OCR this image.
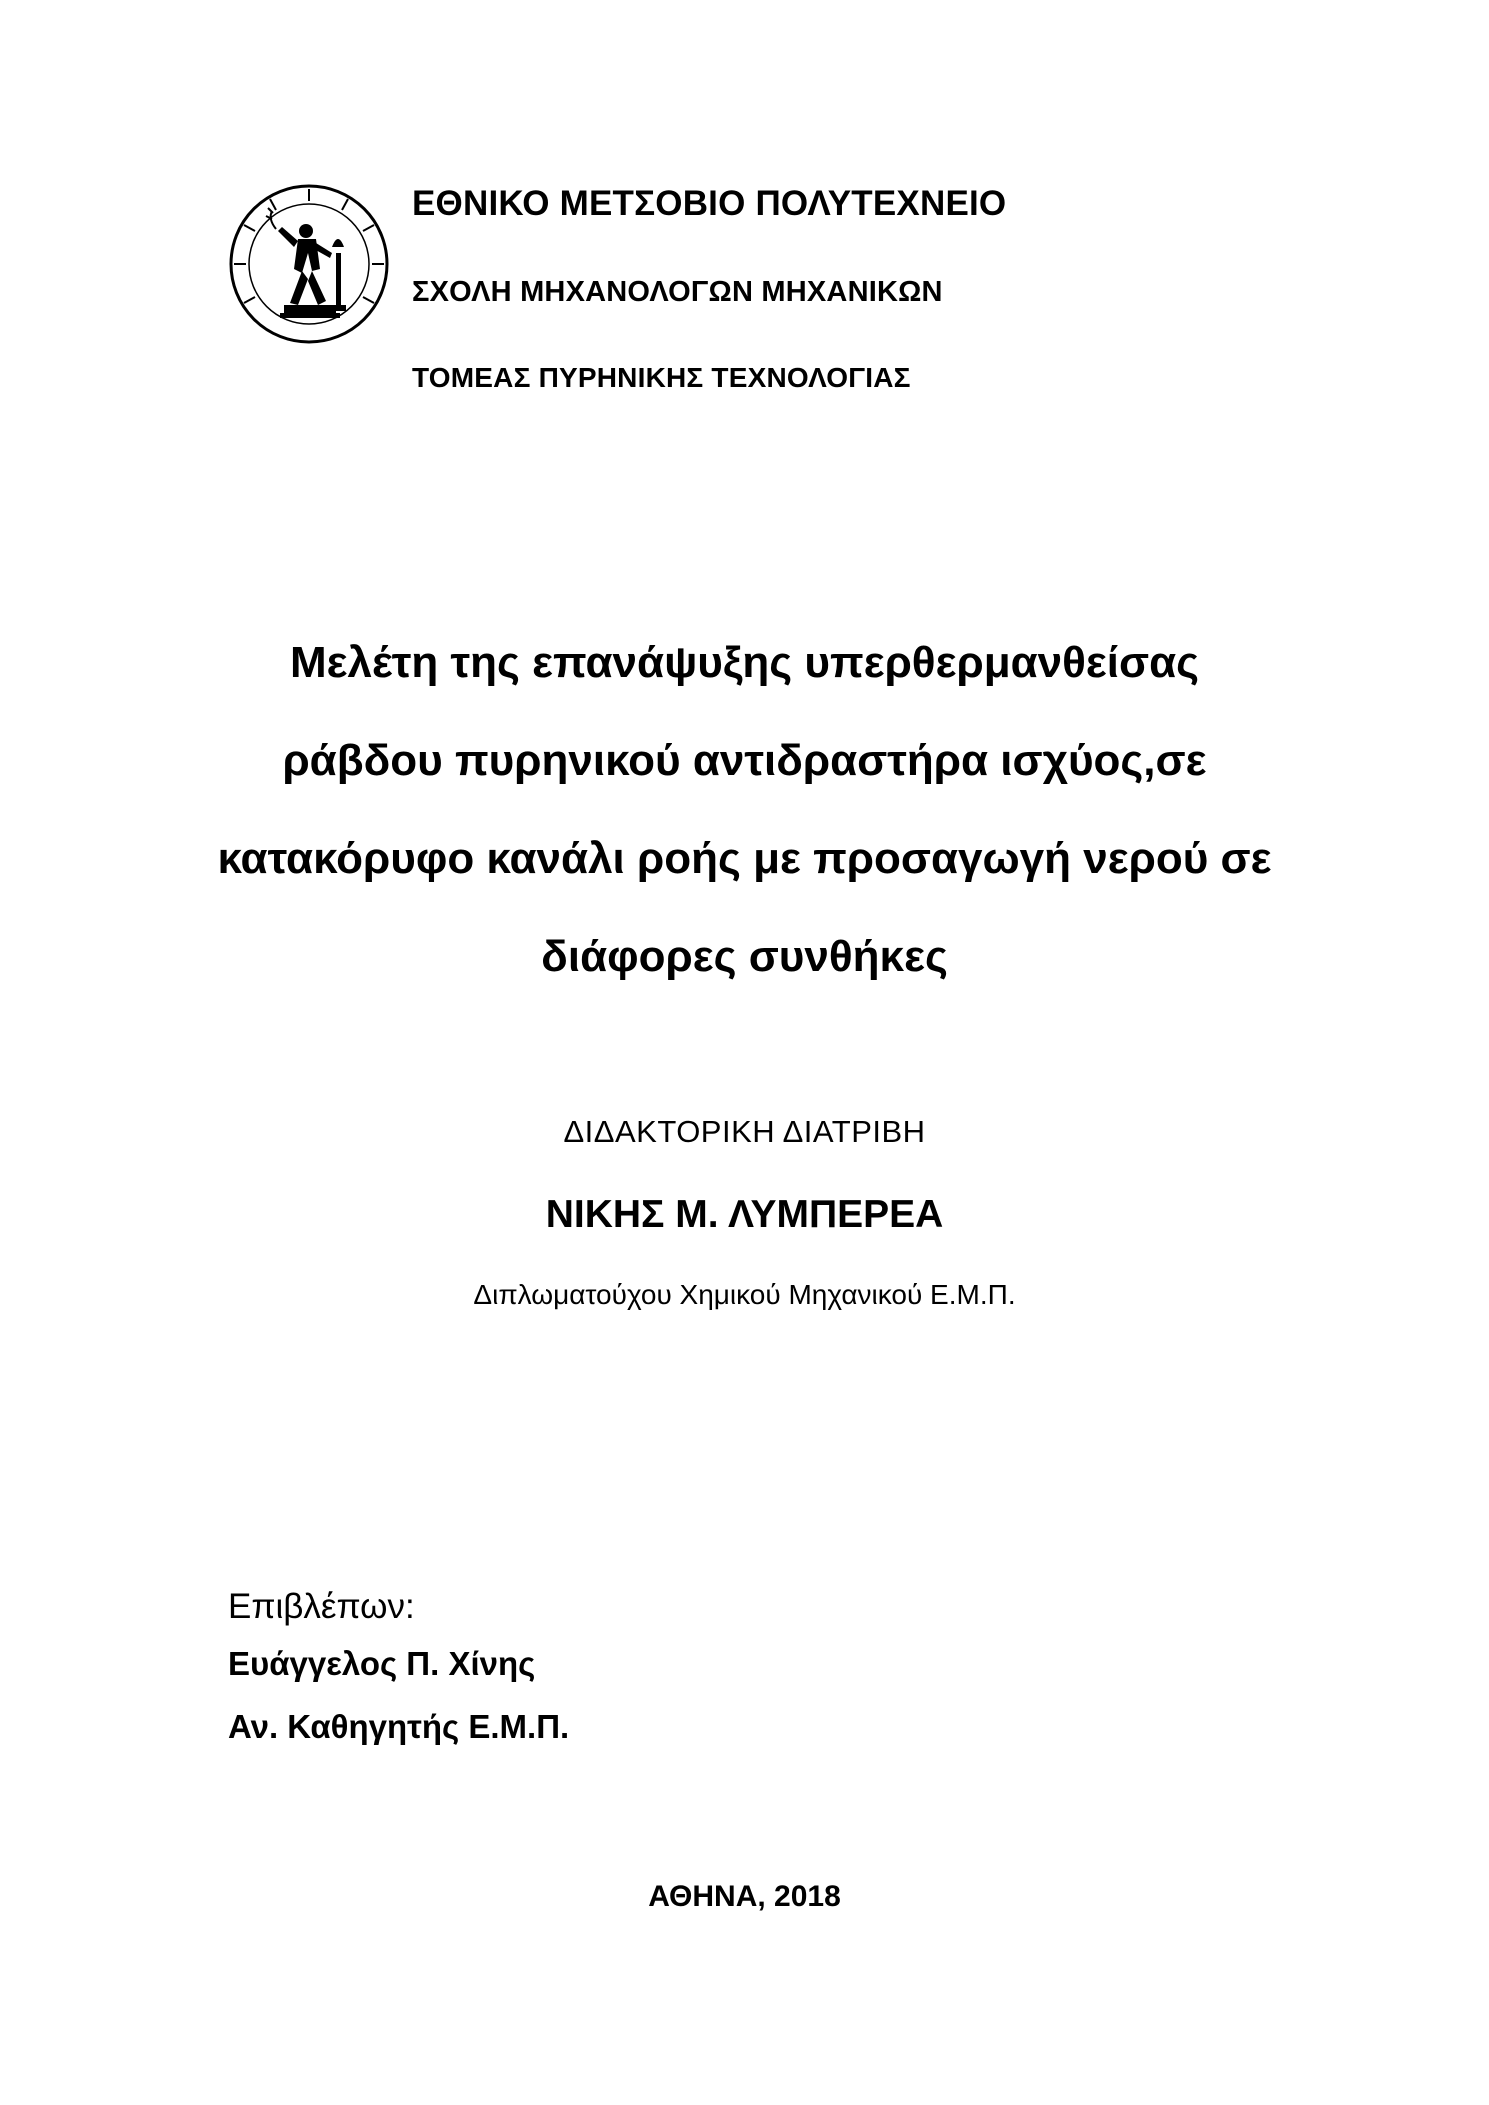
ΕΘΝΙΚΟ ΜΕΤΣΟΒΙΟ ΠΟΛΥΤΕΧΝΕΙΟ
ΣΧΟΛΗ ΜΗΧΑΝΟΛΟΓΩΝ ΜΗΧΑΝΙΚΩΝ
ΤΟΜΕΑΣ ΠΥΡΗΝΙΚΗΣ ΤΕΧΝΟΛΟΓΙΑΣ
Μελέτη της επανάψυξης υπερθερμανθείσας
ράβδου πυρηνικού αντιδραστήρα ισχύος,σε
κατακόρυφο κανάλι ροής με προσαγωγή νερού σε
διάφορες συνθήκες
ΔΙΔΑΚΤΟΡΙΚΗ ΔΙΑΤΡΙΒΗ
ΝΙΚΗΣ Μ. ΛΥΜΠΕΡΕΑ
Διπλωματούχου Χημικού Μηχανικού Ε.Μ.Π.
Επιβλέπων:
Ευάγγελος Π. Χίνης
Αν. Καθηγητής Ε.Μ.Π.
ΑΘΗΝΑ, 2018
